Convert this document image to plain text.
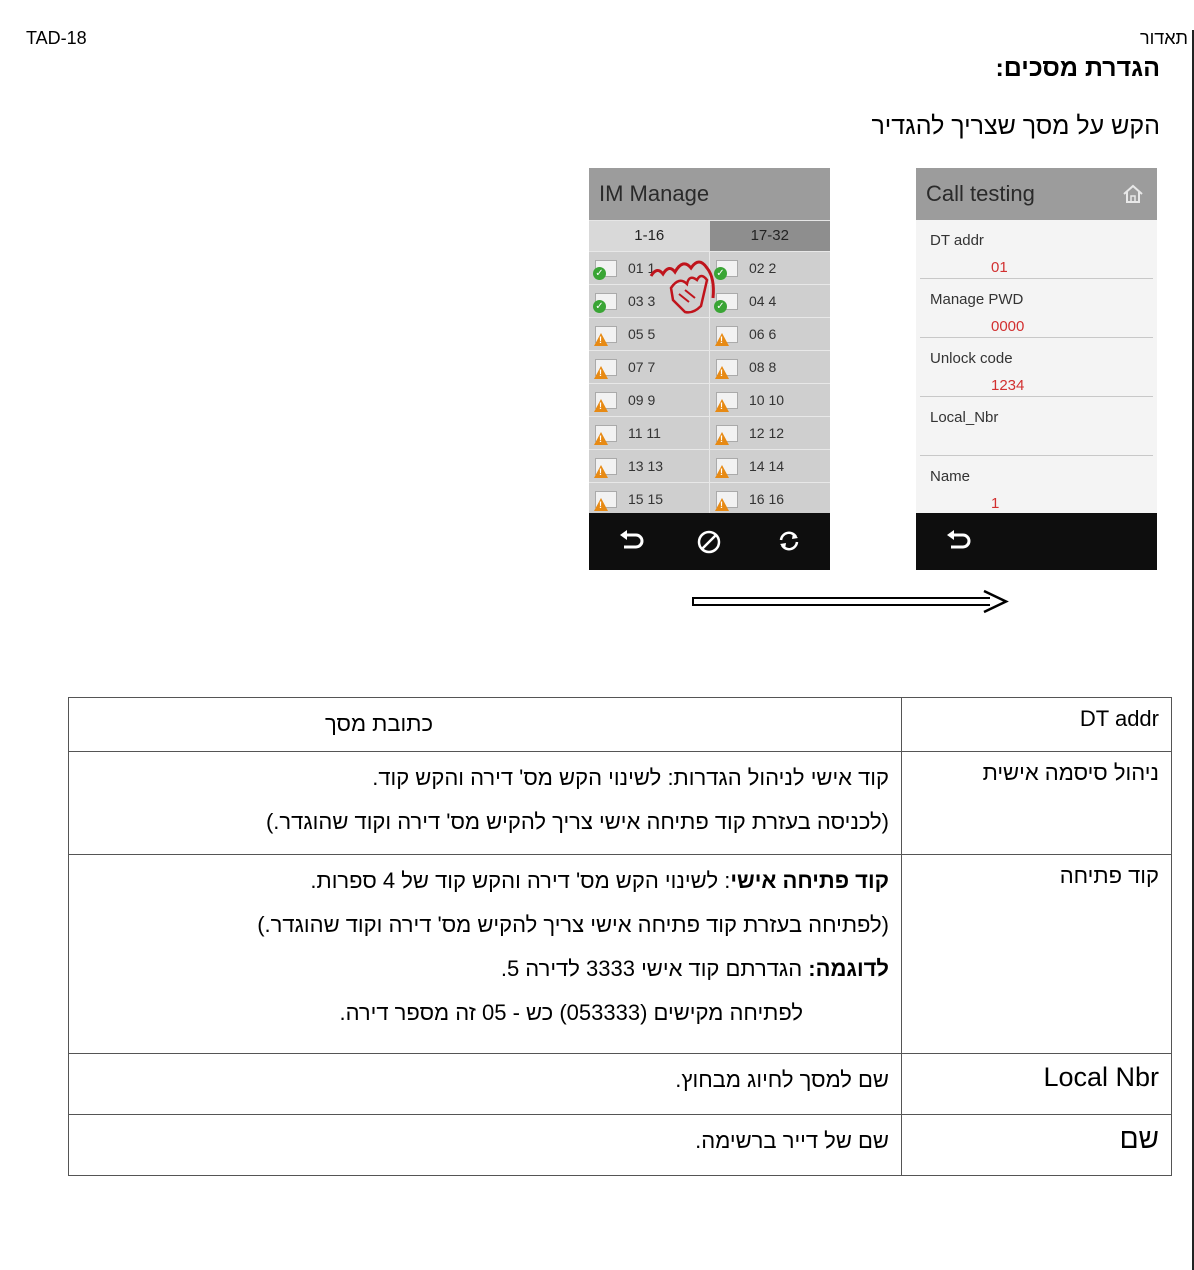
TAD-18	תאדור
הגדרת מסכים:
הקש על מסך שצריך להגדיר
IM Manage
1-16	17-32
✓ 01 1	✓ 02 2
✓ 03 3	✓ 04 4
! 05 5	! 06 6
! 07 7	! 08 8
! 09 9	! 10 10
! 11 11	! 12 12
! 13 13	! 14 14
! 15 15	! 16 16
Call testing
DT addr
01
Manage PWD
0000
Unlock code
1234
Local_Nbr
Name
1
DT addr	כתובת מסך
ניהול סיסמה אישית	קוד אישי לניהול הגדרות: לשינוי הקש מס' דירה והקש קוד.
(לכניסה בעזרת קוד פתיחה אישי צריך להקיש מס' דירה וקוד שהוגדר.)

קוד פתיחה	קוד פתיחה אישי: לשינוי הקש מס' דירה והקש קוד של 4 ספרות.
(לפתיחה בעזרת קוד פתיחה אישי צריך להקיש מס' דירה וקוד שהוגדר.)
לדוגמה: הגדרתם קוד אישי 3333 לדירה 5.
לפתיחה מקישים (053333) כש - 05 זה מספר דירה.

Local Nbr	שם למסך לחיוג מבחוץ.
שם	שם של דייר ברשימה.
